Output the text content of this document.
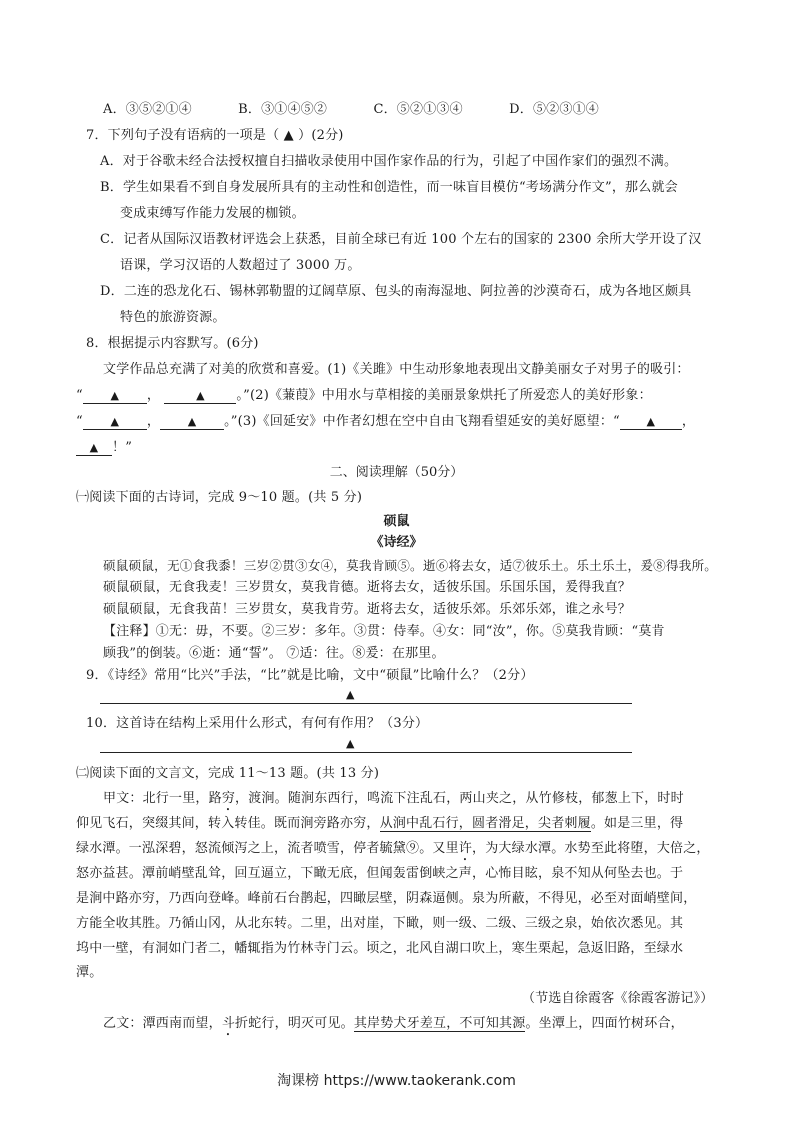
A．③⑤②①④	B．③①④⑤②	C．⑤②①③④	D．⑤②③①④
7．下列句子没有语病的一项是（ ▲ ）(2分)
A．对于谷歌未经合法授权擅自扫描收录使用中国作家作品的行为，引起了中国作家们的强烈不满。
B．学生如果看不到自身发展所具有的主动性和创造性，而一味盲目模仿“考场满分作文”，那么就会
变成束缚写作能力发展的枷锁。
C．记者从国际汉语教材评选会上获悉，目前全球已有近 100 个左右的国家的 2300 余所大学开设了汉
语课，学习汉语的人数超过了 3000 万。
D．二连的恐龙化石、锡林郭勒盟的辽阔草原、包头的南海湿地、阿拉善的沙漠奇石，成为各地区颇具
特色的旅游资源。
8．根据提示内容默写。(6分)
文学作品总充满了对美的欣赏和喜爱。(1)《关雎》中生动形象地表现出文静美丽女子对男子的吸引：
“	▲ ，	▲ 。”(2)《蒹葭》中用水与草相接的美丽景象烘托了所爱恋人的美好形象：
“	▲ ，	▲ 。”(3)《回延安》中作者幻想在空中自由飞翔看望延安的美好愿望：“ ▲ ，
▲ ！”
二、阅读理解（50分）
㈠阅读下面的古诗词，完成 9～10 题。(共 5 分)
硕鼠
《诗经》
硕鼠硕鼠，无①食我黍！三岁②贯③女④，莫我肯顾⑤。逝⑥将去女，适⑦彼乐土。乐土乐土，爰⑧得我所。
硕鼠硕鼠，无食我麦！三岁贯女，莫我肯德。逝将去女，适彼乐国。乐国乐国，爰得我直？
硕鼠硕鼠，无食我苗！三岁贯女，莫我肯劳。逝将去女，适彼乐郊。乐郊乐郊，谁之永号？
【注释】①无：毋，不要。②三岁：多年。③贯：侍奉。④女：同“汝”，你。⑤莫我肯顾：“莫肯
顾我”的倒装。⑥逝：通“誓”。 ⑦适：往。⑧爰：在那里。
9．《诗经》常用“比兴”手法，“比”就是比喻，文中“硕鼠”比喻什么？（2分）
▲
10．这首诗在结构上采用什么形式，有何有作用？（3分）
▲
㈡阅读下面的文言文，完成 11～13 题。(共 13 分)
甲文：北行一里，路穷，渡涧。随涧东西行，鸣流下注乱石，两山夹之，从竹修枝，郁葱上下，时时
仰见飞石，突缀其间，转入转佳。既而涧旁路亦穷，从涧中乱石行，圆者滑足，尖者刺履。如是三里，得
绿水潭。一泓深碧，怒流倾泻之上，流者喷雪，停者毓黛⑨。又里许，为大绿水潭。水势至此将堕，大倍之，
怒亦益甚。潭前峭壁乱耸，回互逼立，下瞰无底，但闻轰雷倒峡之声，心怖目眩，泉不知从何坠去也。于
是涧中路亦穷，乃西向登峰。峰前石台鹊起，四瞰层壁，阴森逼侧。泉为所蔽，不得见，必至对面峭壁间，
方能全收其胜。乃循山冈，从北东转。二里，出对崖，下瞰，则一级、二级、三级之泉，始依次悉见。其
坞中一壁，有洞如门者二，幡辄指为竹林寺门云。顷之，北风自湖口吹上，寒生栗起，急返旧路，至绿水
潭。
（节选自徐霞客《徐霞客游记》）
乙文：潭西南而望，斗折蛇行，明灭可见。其岸势犬牙差互，不可知其源。坐潭上，四面竹树环合，
淘课榜 https://www.taokerank.com
